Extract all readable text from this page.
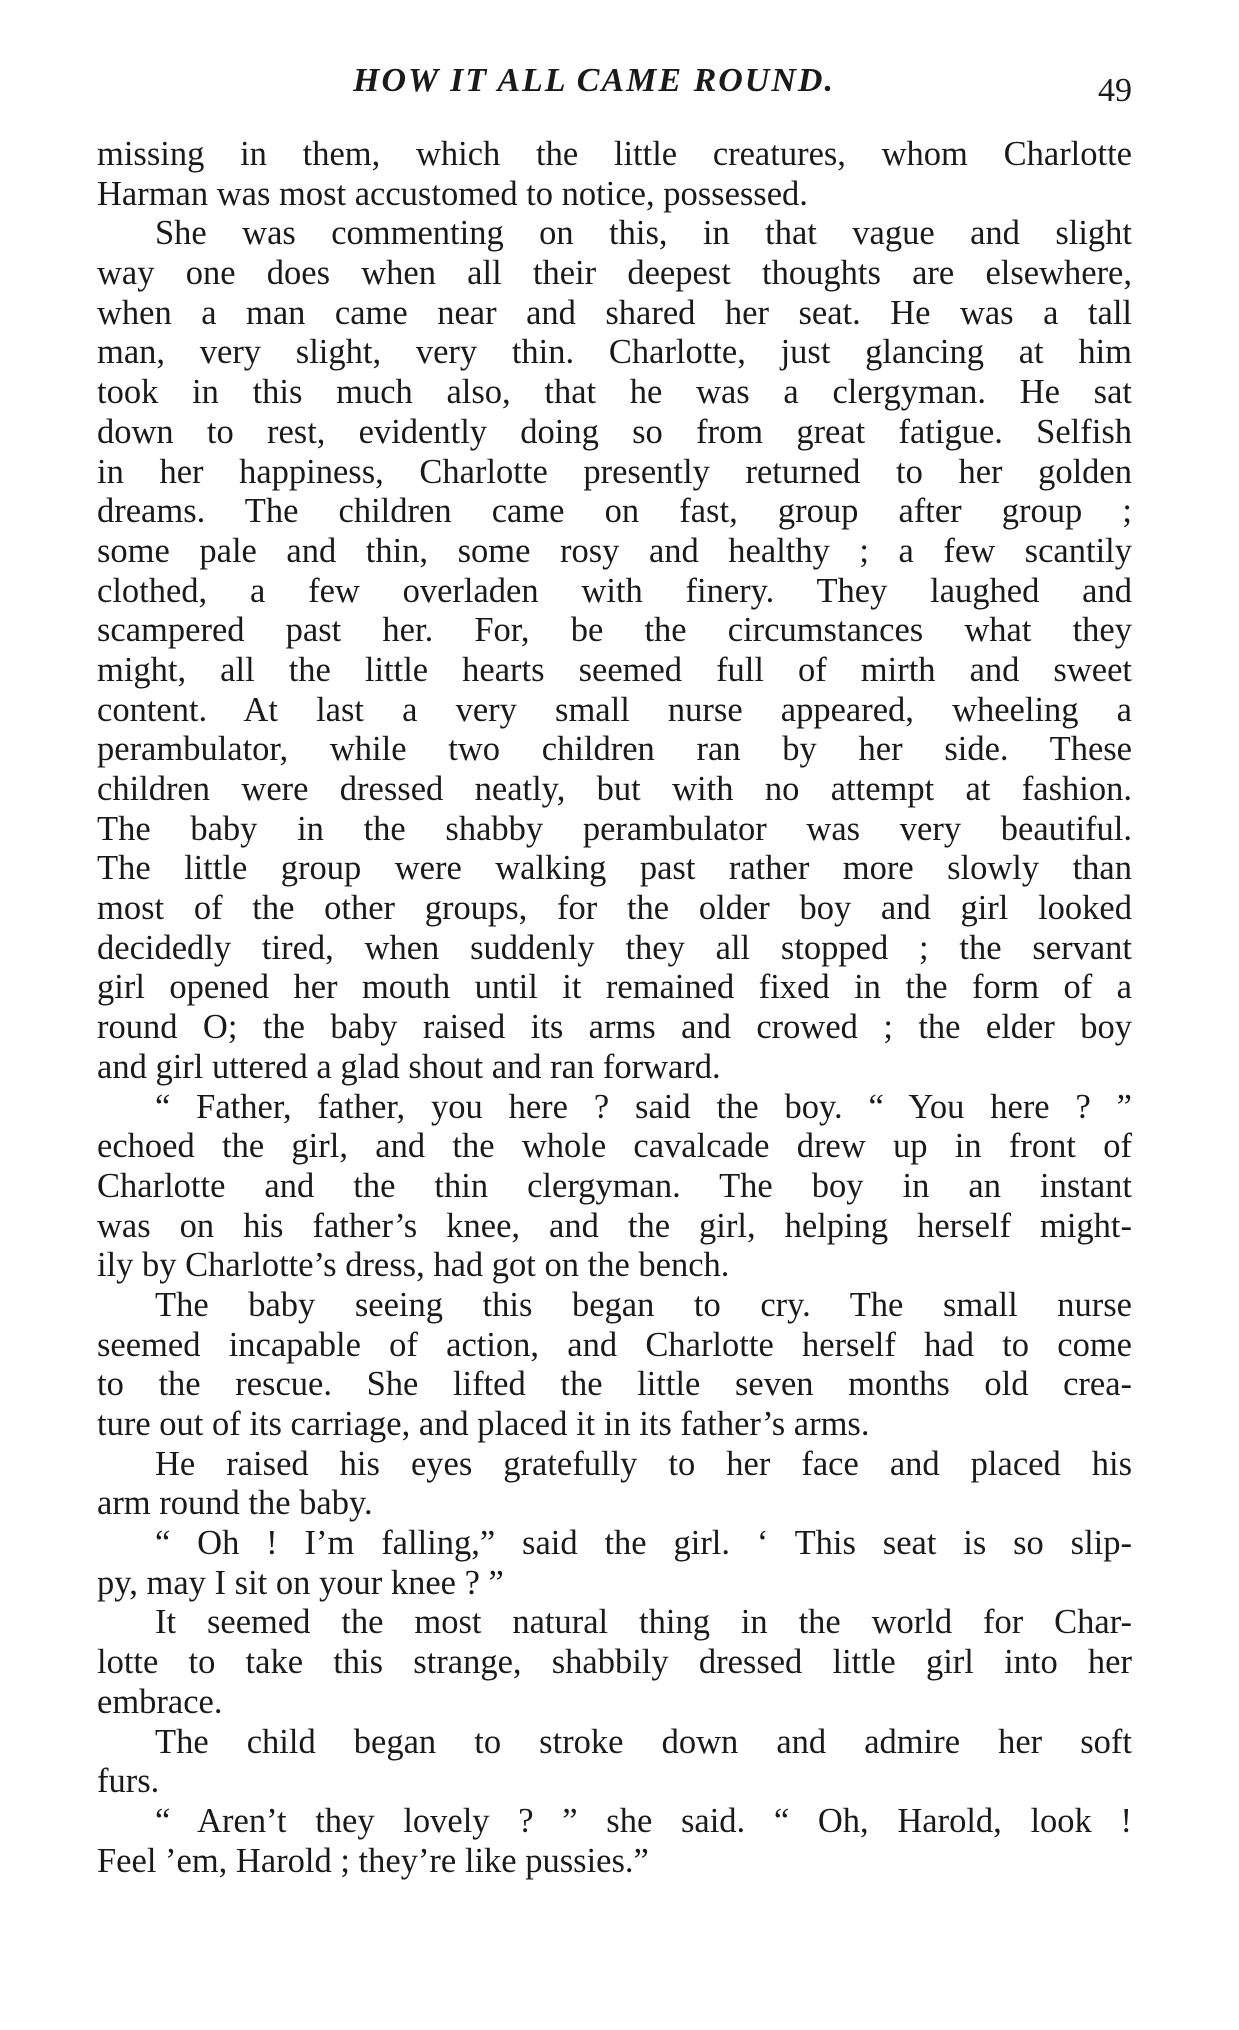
HOW IT ALL CAME ROUND.	49
missing in them, which the little creatures, whom Charlotte
Harman was most accustomed to notice, possessed.
She was commenting on this, in that vague and slight
way one does when all their deepest thoughts are elsewhere,
when a man came near and shared her seat. He was a tall
man, very slight, very thin. Charlotte, just glancing at him
took in this much also, that he was a clergyman. He sat
down to rest, evidently doing so from great fatigue. Selfish
in her happiness, Charlotte presently returned to her golden
dreams. The children came on fast, group after group ;
some pale and thin, some rosy and healthy ; a few scantily
clothed, a few overladen with finery. They laughed and
scampered past her. For, be the circumstances what they
might, all the little hearts seemed full of mirth and sweet
content. At last a very small nurse appeared, wheeling a
perambulator, while two children ran by her side. These
children were dressed neatly, but with no attempt at fashion.
The baby in the shabby perambulator was very beautiful.
The little group were walking past rather more slowly than
most of the other groups, for the older boy and girl looked
decidedly tired, when suddenly they all stopped ; the servant
girl opened her mouth until it remained fixed in the form of a
round O; the baby raised its arms and crowed ; the elder boy
and girl uttered a glad shout and ran forward.
“ Father, father, you here ? said the boy. “ You here ? ”
echoed the girl, and the whole cavalcade drew up in front of
Charlotte and the thin clergyman. The boy in an instant
was on his father’s knee, and the girl, helping herself might-
ily by Charlotte’s dress, had got on the bench.
The baby seeing this began to cry. The small nurse
seemed incapable of action, and Charlotte herself had to come
to the rescue. She lifted the little seven months old crea-
ture out of its carriage, and placed it in its father’s arms.
He raised his eyes gratefully to her face and placed his
arm round the baby.
“ Oh ! I’m falling,” said the girl. ‘ This seat is so slip-
py, may I sit on your knee ? ”
It seemed the most natural thing in the world for Char-
lotte to take this strange, shabbily dressed little girl into her
embrace.
The child began to stroke down and admire her soft
furs.
“ Aren’t they lovely ? ” she said. “ Oh, Harold, look !
Feel ’em, Harold ; they’re like pussies.”
